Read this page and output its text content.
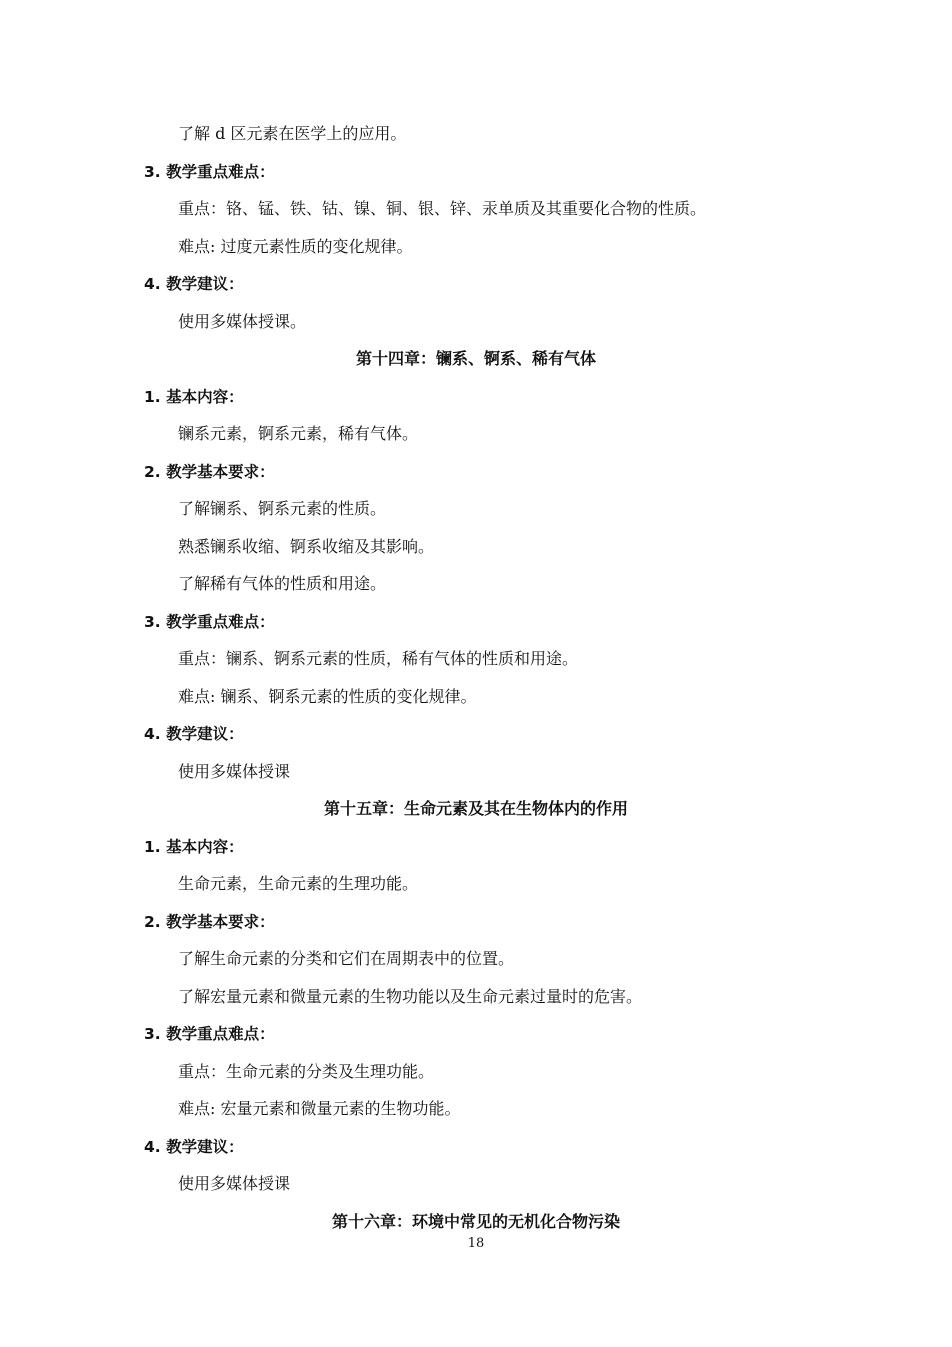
18
了解 d 区元素在医学上的应用。
3. 教学重点难点：
重点：铬、锰、铁、钴、镍、铜、银、锌、汞单质及其重要化合物的性质。
难点: 过度元素性质的变化规律。
4. 教学建议：
使用多媒体授课。
第十四章：镧系、锕系、稀有气体
1. 基本内容：
镧系元素，锕系元素，稀有气体。
2. 教学基本要求：
了解镧系、锕系元素的性质。
熟悉镧系收缩、锕系收缩及其影响。
了解稀有气体的性质和用途。
3. 教学重点难点：
重点：镧系、锕系元素的性质，稀有气体的性质和用途。
难点: 镧系、锕系元素的性质的变化规律。
4. 教学建议：
使用多媒体授课
第十五章：生命元素及其在生物体内的作用
1. 基本内容：
生命元素，生命元素的生理功能。
2. 教学基本要求：
了解生命元素的分类和它们在周期表中的位置。
了解宏量元素和微量元素的生物功能以及生命元素过量时的危害。
3. 教学重点难点：
重点：生命元素的分类及生理功能。
难点: 宏量元素和微量元素的生物功能。
4. 教学建议：
使用多媒体授课
第十六章：环境中常见的无机化合物污染
